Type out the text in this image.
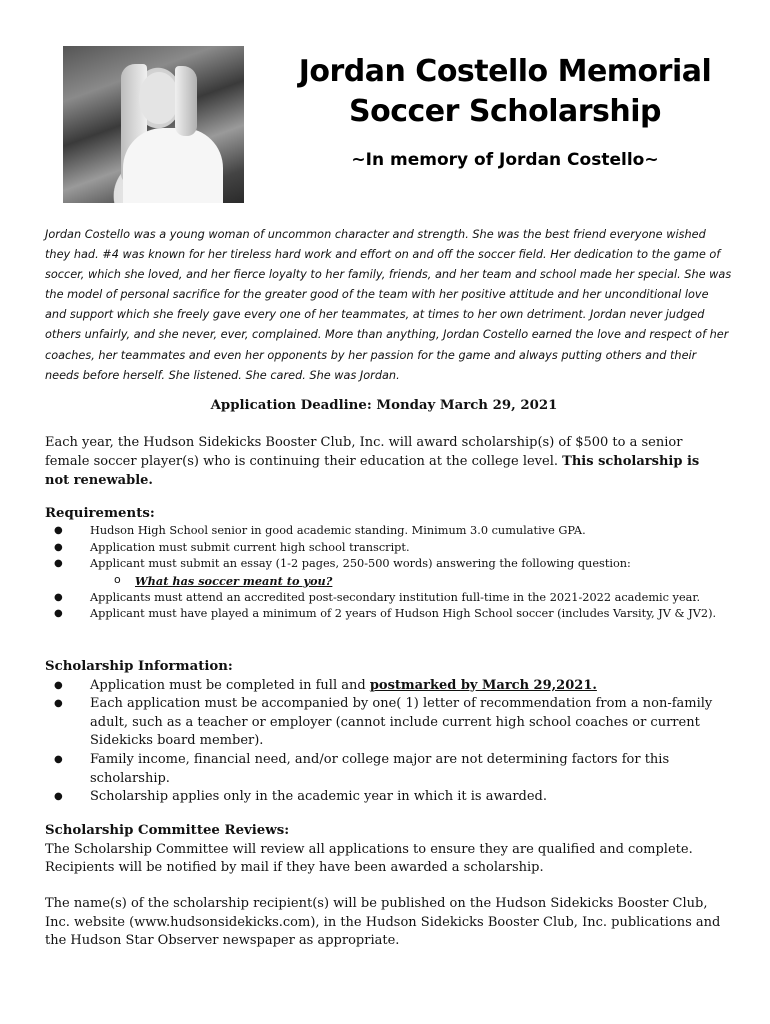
Jordan Costello Memorial
Soccer Scholarship
~In memory of Jordan Costello~

Jordan Costello was a young woman of uncommon character and strength. She was the best friend everyone wished they had. #4 was known for her tireless hard work and effort on and off the soccer field. Her dedication to the game of soccer, which she loved, and her fierce loyalty to her family, friends, and her team and school made her special. She was the model of personal sacrifice for the greater good of the team with her positive attitude and her unconditional love and support which she freely gave every one of her teammates, at times to her own detriment. Jordan never judged others unfairly, and she never, ever, complained. More than anything, Jordan Costello earned the love and respect of her coaches, her teammates and even her opponents by her passion for the game and always putting others and their needs before herself. She listened. She cared. She was Jordan.

Application Deadline: Monday March 29, 2021

Each year, the Hudson Sidekicks Booster Club, Inc. will award scholarship(s) of $500 to a senior female soccer player(s) who is continuing their education at the college level. This scholarship is not renewable.

Requirements:

● Hudson High School senior in good academic standing. Minimum 3.0 cumulative GPA.
● Application must submit current high school transcript.
● Applicant must submit an essay (1-2 pages, 250-500 words) answering the following question:
o What has soccer meant to you?
● Applicants must attend an accredited post-secondary institution full-time in the 2021-2022 academic year.
● Applicant must have played a minimum of 2 years of Hudson High School soccer (includes Varsity, JV & JV2).

Scholarship Information:

● Application must be completed in full and postmarked by March 29,2021.
● Each application must be accompanied by one( 1) letter of recommendation from a non-family adult, such as a teacher or employer (cannot include current high school coaches or current Sidekicks board member).
● Family income, financial need, and/or college major are not determining factors for this scholarship.
● Scholarship applies only in the academic year in which it is awarded.

Scholarship Committee Reviews:

The Scholarship Committee will review all applications to ensure they are qualified and complete. Recipients will be notified by mail if they have been awarded a scholarship.

The name(s) of the scholarship recipient(s) will be published on the Hudson Sidekicks Booster Club, Inc. website (www.hudsonsidekicks.com), in the Hudson Sidekicks Booster Club, Inc. publications and the Hudson Star Observer newspaper as appropriate.
